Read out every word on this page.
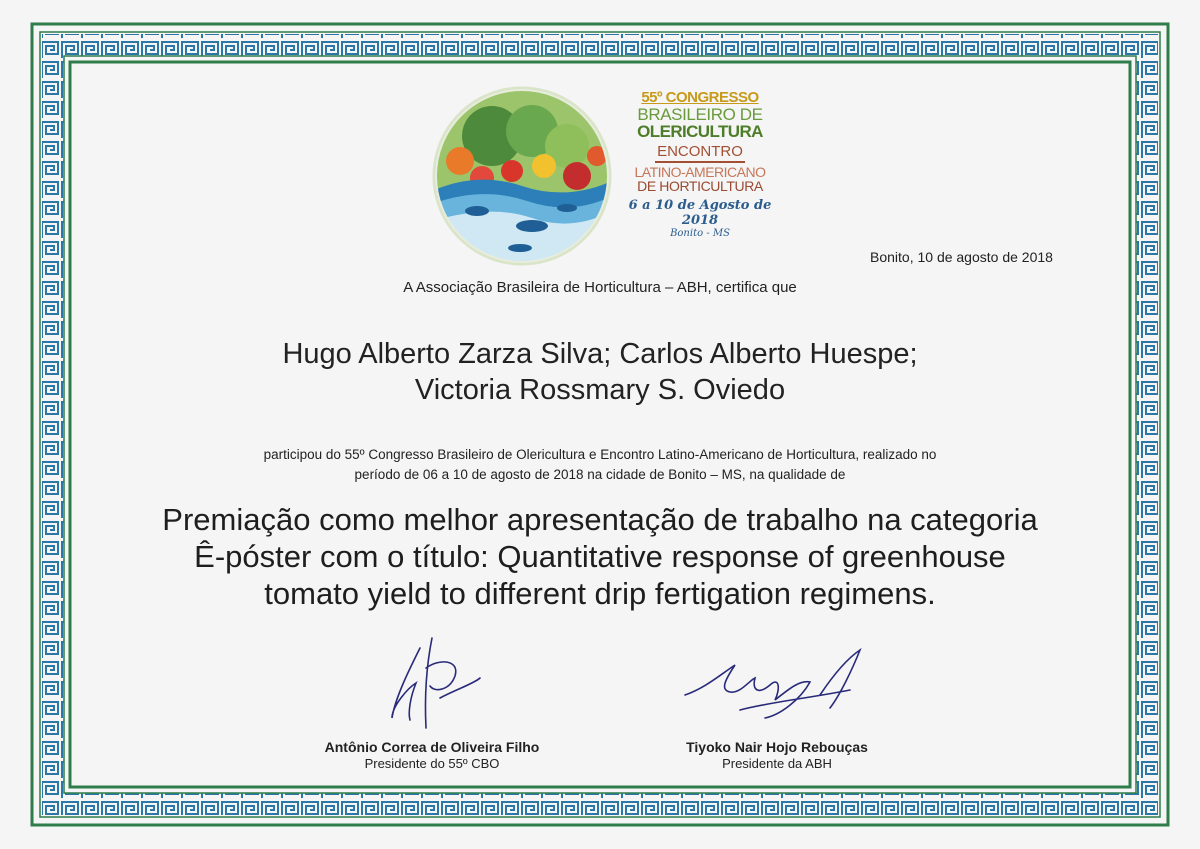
55º CONGRESSO
BRASILEIRO DE
OLERICULTURA
ENCONTRO
LATINO-AMERICANO
DE HORTICULTURA
6 a 10 de Agosto de 2018
Bonito - MS
Bonito, 10 de agosto de 2018
A Associação Brasileira de Horticultura – ABH, certifica que
Hugo Alberto Zarza Silva; Carlos Alberto Huespe;
Victoria Rossmary S. Oviedo
participou do 55º Congresso Brasileiro de Olericultura e Encontro Latino-Americano de Horticultura, realizado no
período de 06 a 10 de agosto de 2018 na cidade de Bonito – MS, na qualidade de
Premiação como melhor apresentação de trabalho na categoria
Ê-póster com o título: Quantitative response of greenhouse
tomato yield to different drip fertigation regimens.
Antônio Correa de Oliveira Filho
Presidente do 55º CBO
Tiyoko Nair Hojo Rebouças
Presidente da ABH
